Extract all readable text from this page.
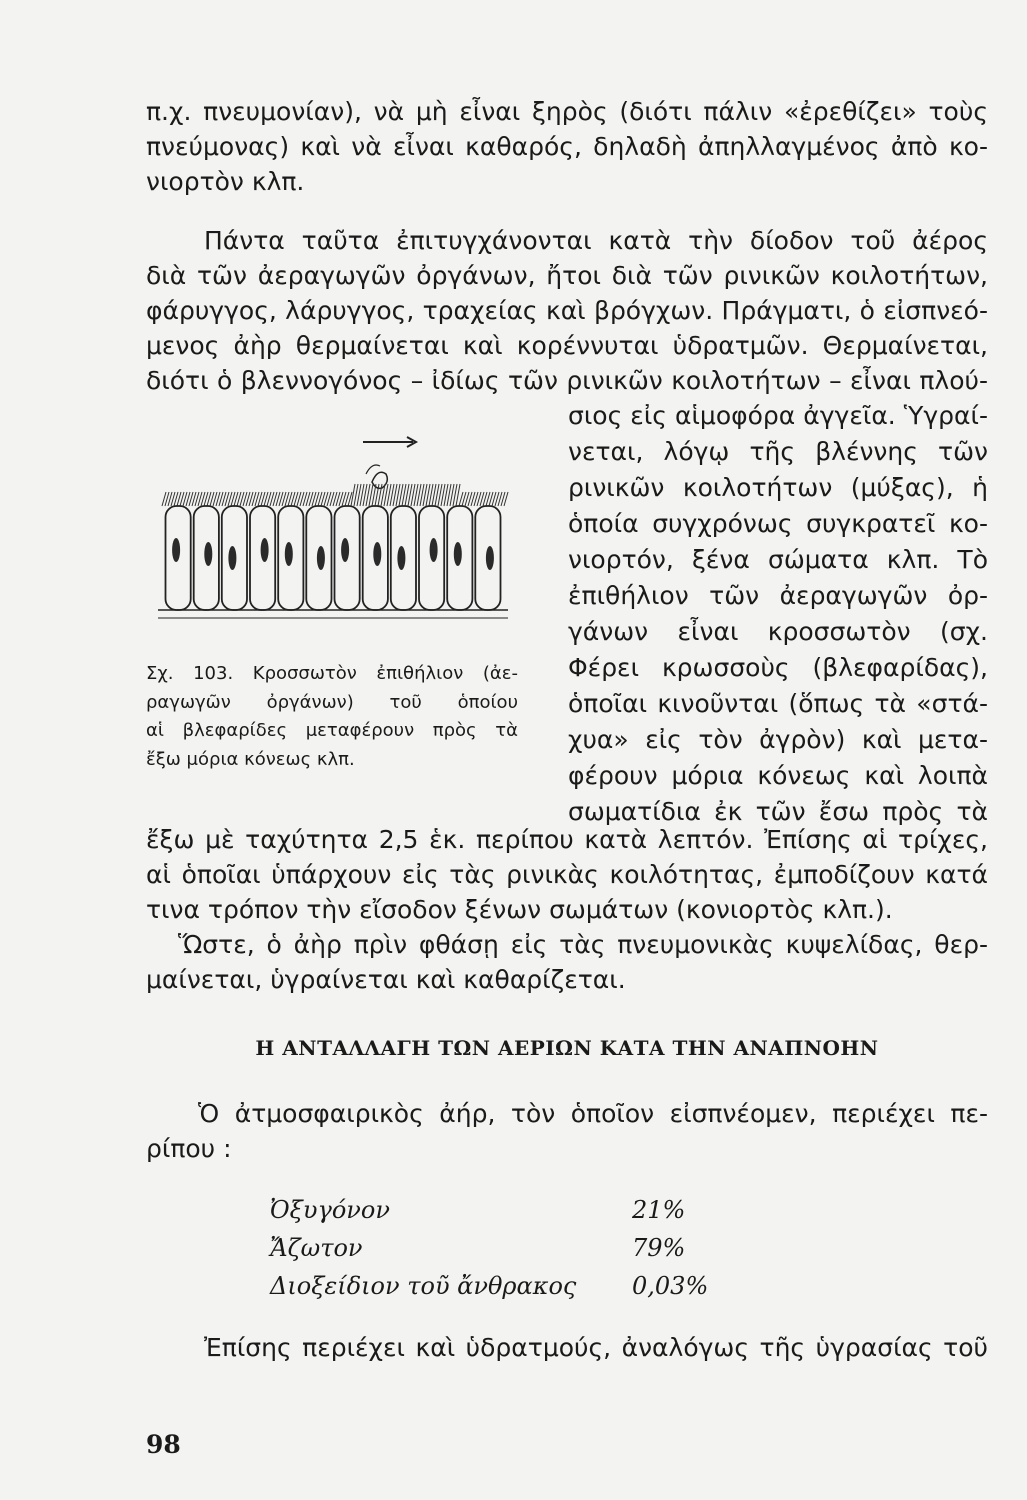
π.χ. πνευμονίαν), νὰ μὴ εἶναι ξηρὸς (διότι πάλιν «ἐρεθίζει» τοὺς
πνεύμονας) καὶ νὰ εἶναι καθαρός, δηλαδὴ ἀπηλλαγμένος ἀπὸ κο-
νιορτὸν κλπ.
Πάντα ταῦτα ἐπιτυγχάνονται κατὰ τὴν δίοδον τοῦ ἀέρος
διὰ τῶν ἀεραγωγῶν ὀργάνων, ἤτοι διὰ τῶν ρινικῶν κοιλοτήτων,
φάρυγγος, λάρυγγος, τραχείας καὶ βρόγχων. Πράγματι, ὁ εἰσπνεό-
μενος ἀὴρ θερμαίνεται καὶ κορέννυται ὑδρατμῶν. Θερμαίνεται,
διότι ὁ βλεννογόνος – ἰδίως τῶν ρινικῶν κοιλοτήτων – εἶναι πλού-
σιος εἰς αἱμοφόρα ἀγγεῖα. Ὑγραί-
νεται, λόγῳ τῆς βλέννης τῶν
ρινικῶν κοιλοτήτων (μύξας), ἡ
ὁποία συγχρόνως συγκρατεῖ κο-
νιορτόν, ξένα σώματα κλπ. Τὸ
ἐπιθήλιον τῶν ἀεραγωγῶν ὀρ-
γάνων εἶναι κροσσωτὸν (σχ.
Φέρει κρωσσοὺς (βλεφαρίδας),
ὁποῖαι κινοῦνται (ὅπως τὰ «στά-
χυα» εἰς τὸν ἀγρὸν) καὶ μετα-
φέρουν μόρια κόνεως καὶ λοιπὰ
σωματίδια ἐκ τῶν ἔσω πρὸς τὰ
Σχ. 103. Κροσσωτὸν ἐπιθήλιον (ἀε-
ραγωγῶν ὀργάνων) τοῦ ὁποίου
αἱ βλεφαρίδες μεταφέρουν πρὸς τὰ
ἔξω μόρια κόνεως κλπ.
ἔξω μὲ ταχύτητα 2,5 ἑκ. περίπου κατὰ λεπτόν. Ἐπίσης αἱ τρίχες,
αἱ ὁποῖαι ὑπάρχουν εἰς τὰς ρινικὰς κοιλότητας, ἐμποδίζουν κατά
τινα τρόπον τὴν εἴσοδον ξένων σωμάτων (κονιορτὸς κλπ.).
Ὥστε, ὁ ἀὴρ πρὶν φθάσῃ εἰς τὰς πνευμονικὰς κυψελίδας, θερ-
μαίνεται, ὑγραίνεται καὶ καθαρίζεται.
Η ΑΝΤΑΛΛΑΓΗ ΤΩΝ ΑΕΡΙΩΝ ΚΑΤΑ ΤΗΝ ΑΝΑΠΝΟΗΝ
Ὁ ἀτμοσφαιρικὸς ἀήρ, τὸν ὁποῖον εἰσπνέομεν, περιέχει πε-
ρίπου :
Ὀξυγόνον	21%
Ἄζωτον	79%
Διοξείδιον τοῦ ἄνθρακος 0,03%
Ἐπίσης περιέχει καὶ ὑδρατμούς, ἀναλόγως τῆς ὑγρασίας τοῦ
98
